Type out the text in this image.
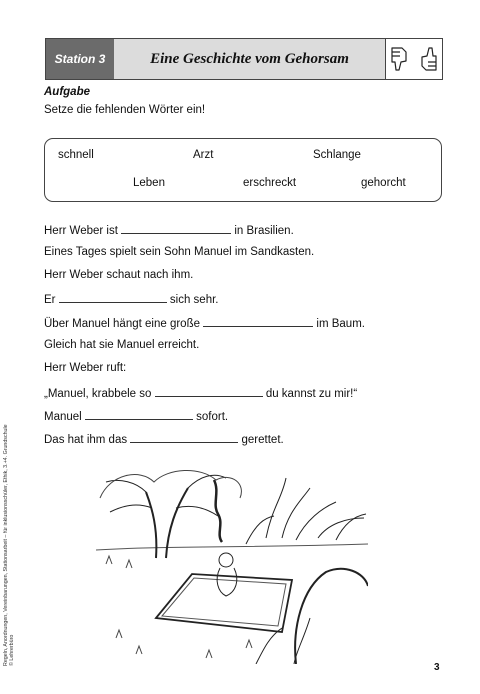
Station 3	Eine Geschichte vom Gehorsam
Aufgabe
Setze die fehlenden Wörter ein!
schnell	Arzt	Schlange
Leben	erschreckt	gehorcht
Herr Weber ist	in Brasilien.
Eines Tages spielt sein Sohn Manuel im Sandkasten.
Herr Weber schaut nach ihm.
Er	sich sehr.
Über Manuel hängt eine große	im Baum.
Gleich hat sie Manuel erreicht.
Herr Weber ruft:
„Manuel, krabbele so	du kannst zu mir!“
Manuel	sofort.
Das hat ihm das	gerettet.
Regeln, Anordnungen, Vereinbarungen, Stationsarbeit – für inklusionsschüler, Ethik, 3.+4. Grundschule © Lehrerbüro
3
